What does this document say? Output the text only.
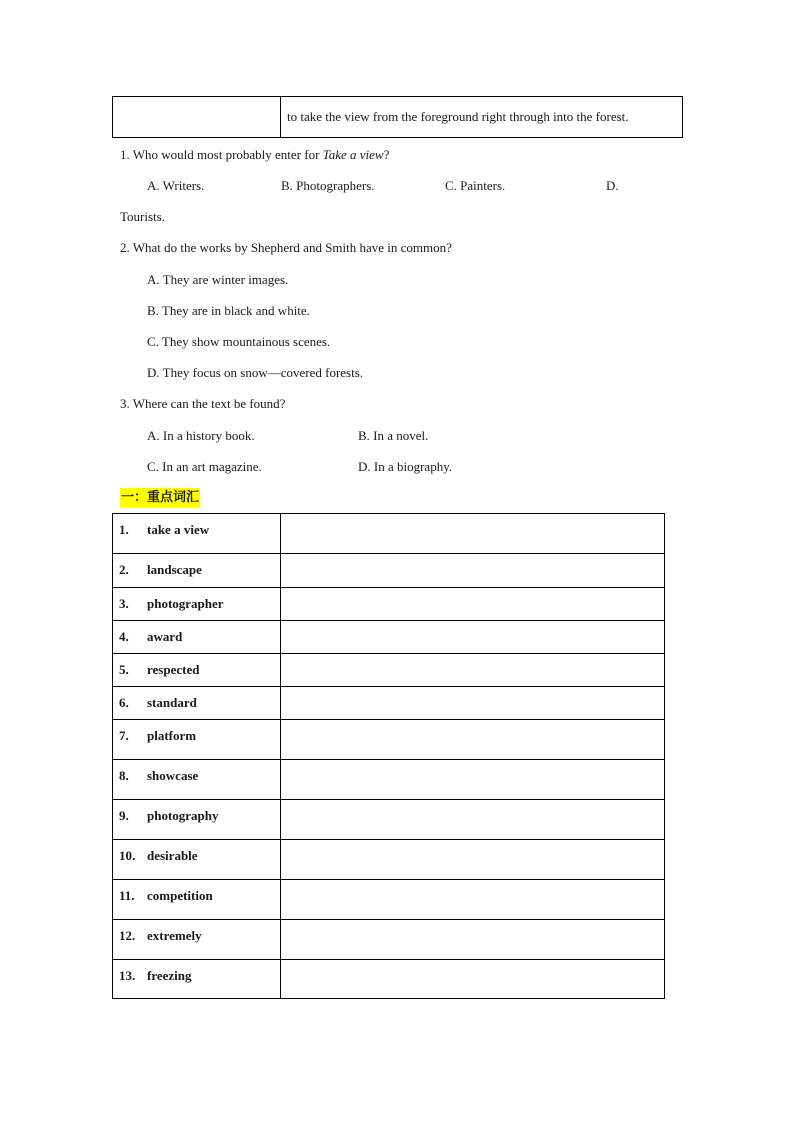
	to take the view from the foreground right through into the forest.
1. Who would most probably enter for Take a view?
A. Writers.	B. Photographers.	C. Painters.	D.
Tourists.
2. What do the works by Shepherd and Smith have in common?
A. They are winter images.
B. They are in black and white.
C. They show mountainous scenes.
D. They focus on snow—covered forests.
3. Where can the text be found?
A. In a history book.	B. In a novel.
C. In an art magazine.	D. In a biography.
一：重点词汇
1. take a view	
2. landscape	
3. photographer	
4. award	
5. respected	
6. standard	
7. platform	
8. showcase	
9. photography	
10. desirable	
11. competition	
12. extremely	
13. freezing	
